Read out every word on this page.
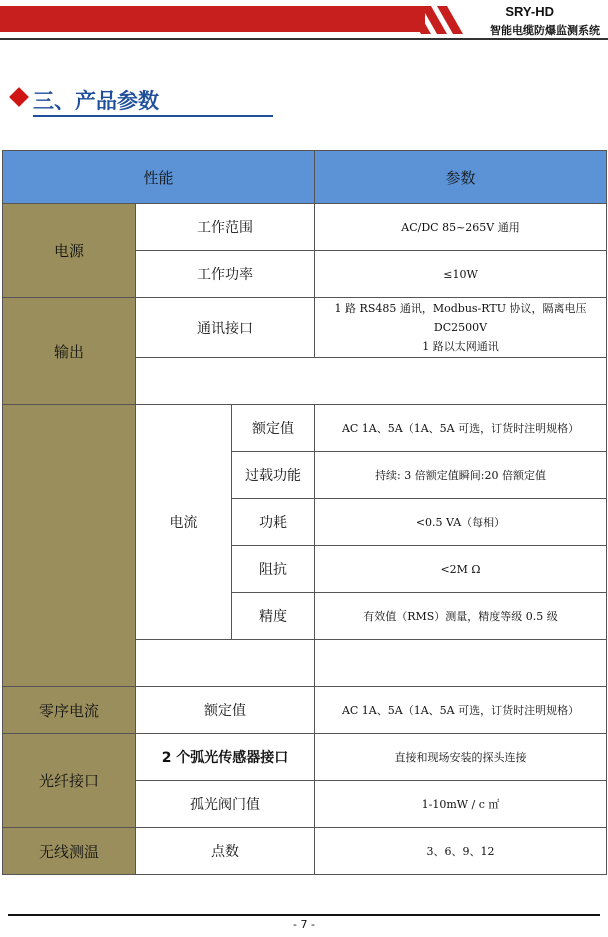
SRY-HD
智能电缆防爆监测系统
三、产品参数
性能			参数
电源	工作范围		AC/DC 85~265V 通用
	工作功率		≤10W
输出	通讯接口		1 路 RS485 通讯，Modbus-RTU 协议，隔离电压
DC2500V
1 路以太网通讯

	电流	额定值	AC 1A、5A（1A、5A 可选，订货时注明规格）
		过载功能	持续: 3 倍额定值瞬间:20 倍额定值
		功耗	<0.5 VA（每相）
		阻抗	<2M Ω
		精度	有效值（RMS）测量，精度等级 0.5 级

零序电流	额定值		AC 1A、5A（1A、5A 可选，订货时注明规格）
光纤接口	2 个弧光传感器接口		直接和现场安装的探头连接
	孤光阀门值		1-10mW / c ㎡
无线测温	点数		3、6、9、12
- 7 -
